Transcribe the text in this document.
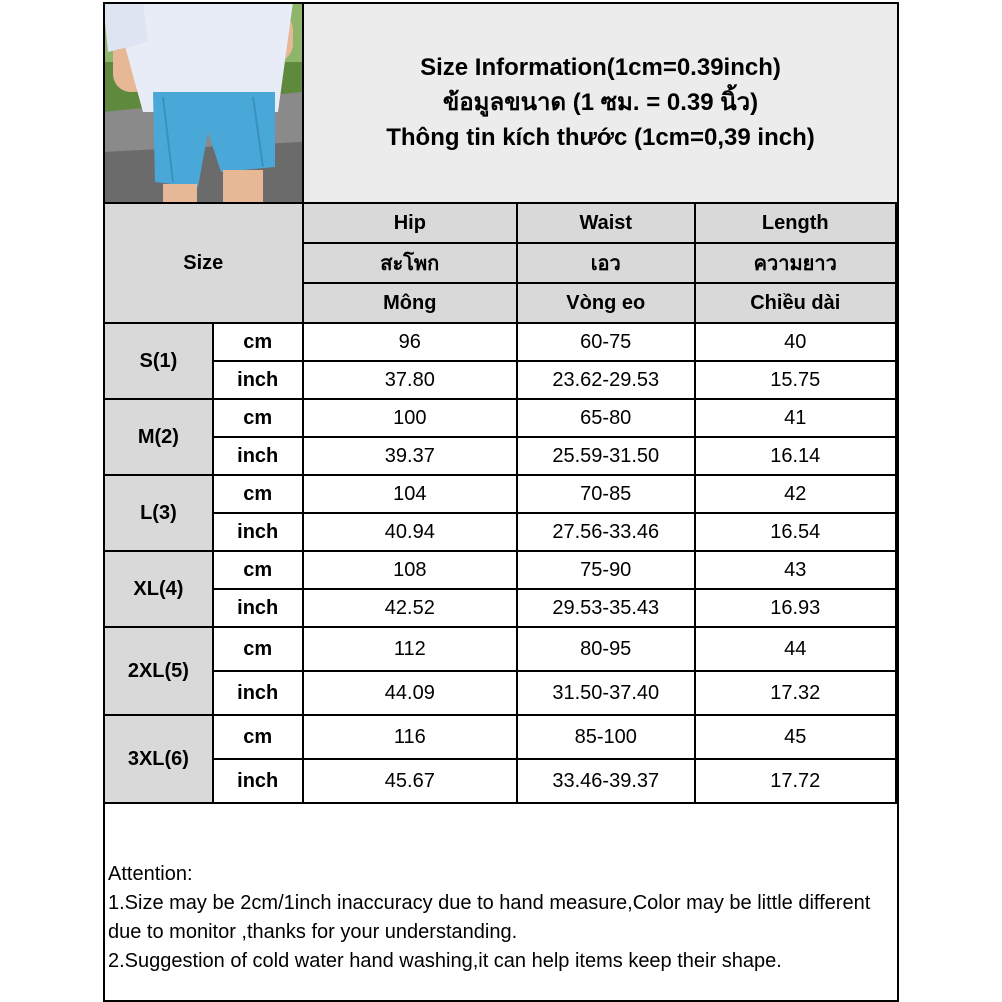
Size Information(1cm=0.39inch)
ข้อมูลขนาด (1 ซม. = 0.39 นิ้ว)
Thông tin kích thước (1cm=0,39 inch)
Size		Hip	Waist	Length
		สะโพก	เอว	ความยาว
		Mông	Vòng eo	Chiều dài
S(1)	cm	96	60-75	40
	inch	37.80	23.62-29.53	15.75
M(2)	cm	100	65-80	41
	inch	39.37	25.59-31.50	16.14
L(3)	cm	104	70-85	42
	inch	40.94	27.56-33.46	16.54
XL(4)	cm	108	75-90	43
	inch	42.52	29.53-35.43	16.93
2XL(5)	cm	112	80-95	44
	inch	44.09	31.50-37.40	17.32
3XL(6)	cm	116	85-100	45
	inch	45.67	33.46-39.37	17.72
Attention:
1.Size may be 2cm/1inch inaccuracy due to hand measure,Color may be little different due to monitor ,thanks for your understanding.
2.Suggestion of cold water hand washing,it can help items keep their shape.
